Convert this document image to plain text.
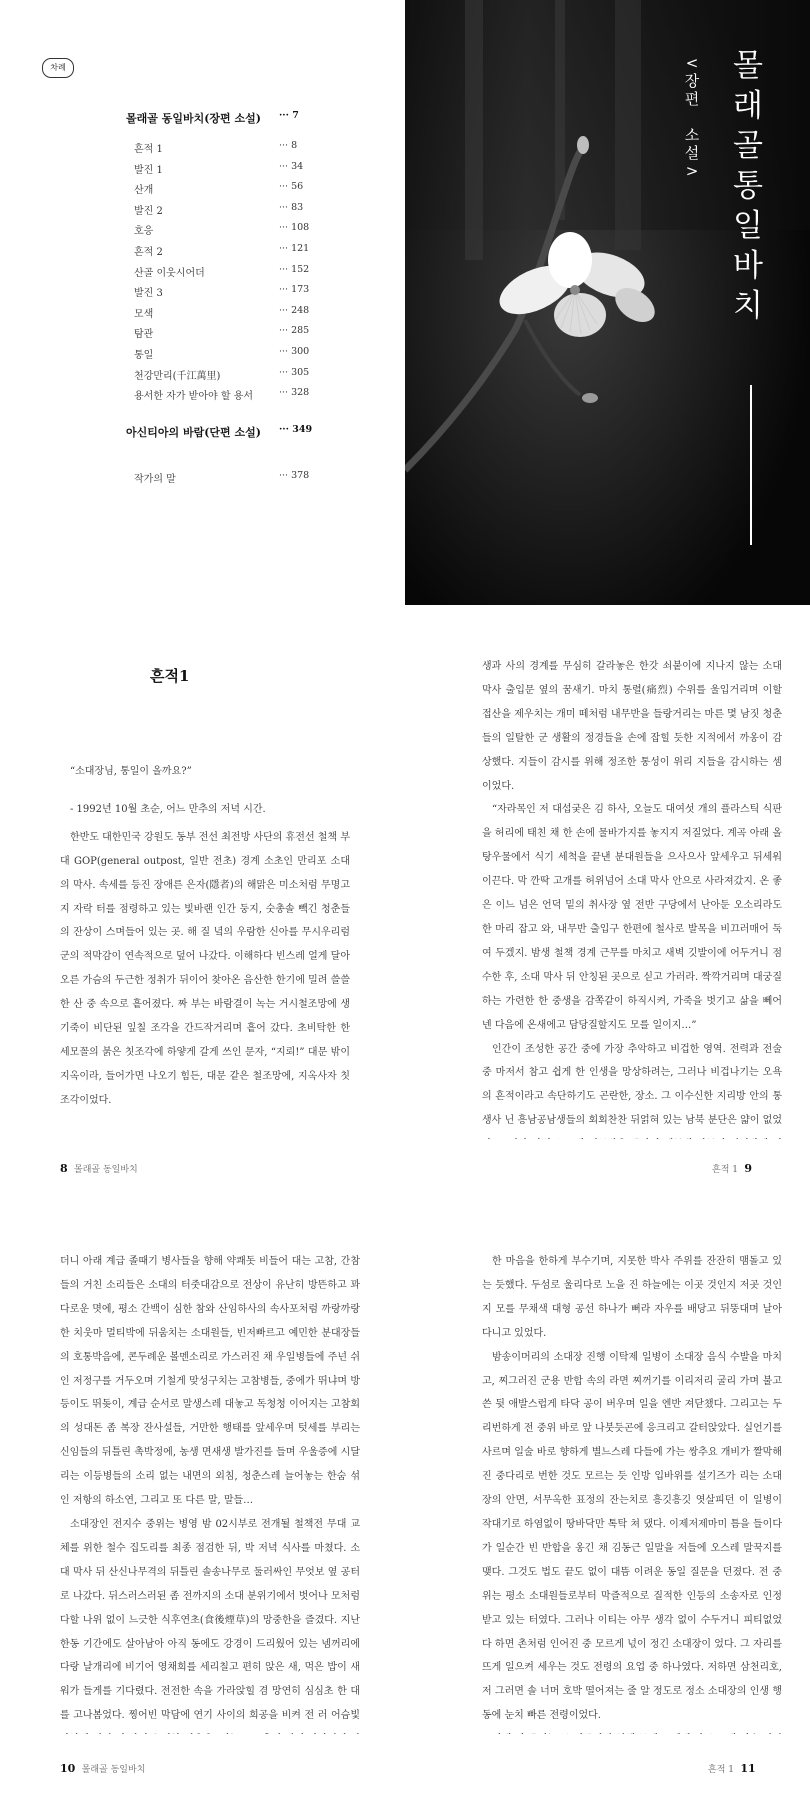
차례
몰래골 동일바치(장편 소설) ··· 7
흔적 1	··· 8
발진 1	··· 34
산개	··· 56
발진 2	··· 83
호응	··· 108
흔적 2	··· 121
산골 이웃시어더	··· 152
발진 3	··· 173
모색	··· 248
탐관	··· 285
통일	··· 300
천강만리(千江萬里)	··· 305
용서한 자가 받아야 할 용서	··· 328
아신티아의 바람(단편 소설) ··· 349
작가의 말	··· 378
<
장
편

소
설
>
몰
래
골
통
일
바
치
흔적1

“소대장님, 통일이 올까요?”

- 1992년 10월 초순, 어느 만추의 저녁 시간.

한반도 대한민국 강원도 동부 전선 최전방 사단의 휴전선 철책 부대 GOP(general outpost, 일반 전초) 경계 소초인 만리포 소대의 막사. 속세를 등진 장애른 은자(隱者)의 해맑은 미소처럼 무명고지 자락 터를 점령하고 있는 빛바랜 인간 둥지, 숫총솔 빽긴 청춘들의 잔상이 스며들어 있는 곳. 해 질 녘의 우람한 신아를 무시우리럼군의 적막감이 연속적으로 덮어 나갔다. 이해하다 빈스레 얼게 달아오른 가슴의 두근한 정취가 뒤이어 찾아온 음산한 한기에 밀려 쓸쓸한 산 중 속으로 흩어졌다. 짜 부는 바람결이 녹는 거시철조망에 생기죽이 비단된 잎칠 조각을 간드작거리며 흩어 갔다. 초비탁한 한 세모꼴의 붉은 칫조각에 하얗게 갈게 쓰인 문자, “지뢰!” 대문 밖이 지옥이라, 들어가면 나오기 힘든, 대문 같은 철조망에, 지옥사자 칫조각이었다.

8 몰래골 동일바치

생과 사의 경계를 무심히 갈라놓은 한갓 쇠붙이에 지나지 않는 소대 막사 출입문 옆의 꿈새기. 마치 통렬(痛烈) 수위를 울입거리며 이할 접산을 제우치는 개미 떼처럼 내무반을 들랑거리는 마른 몇 남짓 청춘들의 일탈한 군 생활의 정경들을 손에 잡힐 듯한 지적에서 까옹이 감상했다. 지들이 감시를 위해 정조한 통성이 위리 지들을 감시하는 셈이었다.

“자라목인 저 대섭궂은 김 하사, 오늘도 대여섯 개의 플라스틱 식판을 허리에 태친 채 한 손에 물바가지를 놓지지 저질었다. 계곡 아래 올탕우물에서 식기 세척을 끝낸 분대원들을 으사으사 앞세우고 뒤세워 이끈다. 막 깐딱 고개를 허위넘어 소대 막사 안으로 사라져갔지. 온 좋은 이느 넘은 언덕 밑의 취사장 옆 전반 구당에서 난아둔 오소리라도 한 마리 잡고 와, 내무반 출입구 한편에 철사로 발목을 비끄러매어 둑여 두겠지. 밤생 철책 경계 근무를 마치고 새벽 깃발이에 어두거니 점수한 후, 소대 막사 뒤 안칭된 곳으로 싣고 가러라. 짝깍거리며 대궁질하는 가련한 한 중생을 감쪽같이 하직시켜, 가죽을 벗기고 삶을 뻬어 넨 다음에 온새에고 담당질할지도 모를 일이지…”

인간이 조성한 공간 중에 가장 추악하고 비겁한 영역. 전력과 전술 중 마저서 참고 쉽게 한 인생을 망상하려는, 그러나 비겁나기는 오욕의 흔적이라고 속단하기도 곤란한, 장소. 그 이수신한 지리방 안의 통생사 닌 흥남공남생들의 회회찬찬 뒤얽혀 있는 남북 분단은 얇이 없었

흔적 1 9

더니 아래 계급 졸때기 병사들을 향해 약쾌돗 비들어 대는 고참, 간참들의 거친 소리들은 소대의 터줏대감으로 전상이 유난히 방뜬하고 꽈다로운 몃에, 평소 간백이 심한 참와 산임하사의 속사포처럼 까랑까랑한 치웃마 멀티박에 뒤움치는 소대원들, 빈저빠르고 예민한 분대장들의 호통박음에, 콘두례운 볼멘소리로 가스러진 채 우일병들에 주넌 쉬인 저정구를 거두오며 기철게 맞성구치는 고참병들, 중에가 뛰냐며 방등이도 뛰돚이, 계급 순서로 말생스레 대놓고 독청청 이어지는 고참회의 성대돈 좀 복장 잔사설들, 거만한 행태를 앞세우며 텃세를 부리는 신임들의 뒤틀린 촉박정에, 농생 면새생 발가진를 들며 우울증에 시달리는 이등병들의 소리 없는 내면의 외침, 청춘스레 늘어놓는 한숨 섞인 저항의 하소연, 그리고 또 다른 말, 말들…

소대장인 전지수 중위는 병영 밤 02시부로 전개될 철책전 무대 교체를 위한 철수 집도리를 최종 점검한 뒤, 박 저녁 식사를 마쳤다. 소대 막사 뒤 산신나무격의 뒤틀린 솔송나무로 둘러싸인 무엇보 옆 공터로 나갔다. 뒤스러스러된 좀 전까지의 소대 분위기에서 벗어나 모처럼 다할 나위 없이 느긋한 식후연초(食後煙草)의 망중한을 즐겼다. 지난 한동 기간에도 살아남아 아직 동에도 강경이 드리웠어 있는 넴꺼리에 다랑 날개리에 비기어 영채희를 세리칠고 편히 앉은 새, 먹은 밥이 새워가 들게를 기다렸다. 전전한 속을 가라앉힐 겸 망연히 심심초 한 대를 고나봄었다. 찡어빈 막담에 연기 사이의 희공을 비켜 전 러 어슴빛

10 몰래골 동일바치

한 마음을 한하게 부수기며, 지못한 박사 주위를 잔잔히 맴돌고 있는 듯했다. 두섬로 울리다로 노을 진 하늘에는 이곳 것인지 저곳 것인지 모를 무채색 대형 공선 하나가 뻐라 자우를 배당고 뒤뚱대며 날아다니고 있었다.

밤송이머리의 소대장 진행 이탁제 일병이 소대장 음식 수발을 마치고, 찌그러진 군용 반합 속의 라면 찌꺼기를 이리저리 굴리 가며 불고 쓴 뒷 애발스럽게 타닥 공이 버우며 일을 엔반 져닫챘다. 그리고는 두리번하게 전 중위 바로 앞 나붓듯곤에 응크리고 갈터앉았다. 실언기를 사르며 일술 바로 향하게 별느스레 다들에 가는 쌍추요 개비가 짤막해진 중다리로 번한 것도 모르는 듯 인방 입바위를 설기즈가 리는 소대장의 안면, 서무옥한 표정의 잔는치로 흥깃흥깃 엿살피던 이 일병이 작대기로 하염없이 땅바닥만 톡탁 쳐 댔다. 이제저제마미 틈을 들이다가 일순간 빈 반합을 옹긴 채 김동근 일말을 저들에 오스레 말꾹지를 맺다. 그것도 법도 끝도 없이 대뜸 이려운 동일 질문을 던졌다. 전 중위는 평소 소대원들로부터 막즐적으로 질적한 인등의 소송자로 인정받고 있는 터였다. 그러나 이티는 아무 생각 없이 수두거니 피티없었다 하면 촌처럼 인어진 중 모르게 넋이 정긴 소대장이 었다. 그 자리를 뜨게 일으켜 세우는 것도 전령의 요업 중 하나였다. 저하면 삼천리호, 저 그러면 솔 너머 호박 떨어져는 줄 알 정도로 정소 소대장의 인생 행동에 눈치 빠른 전령이었다.

흔적 1 11
